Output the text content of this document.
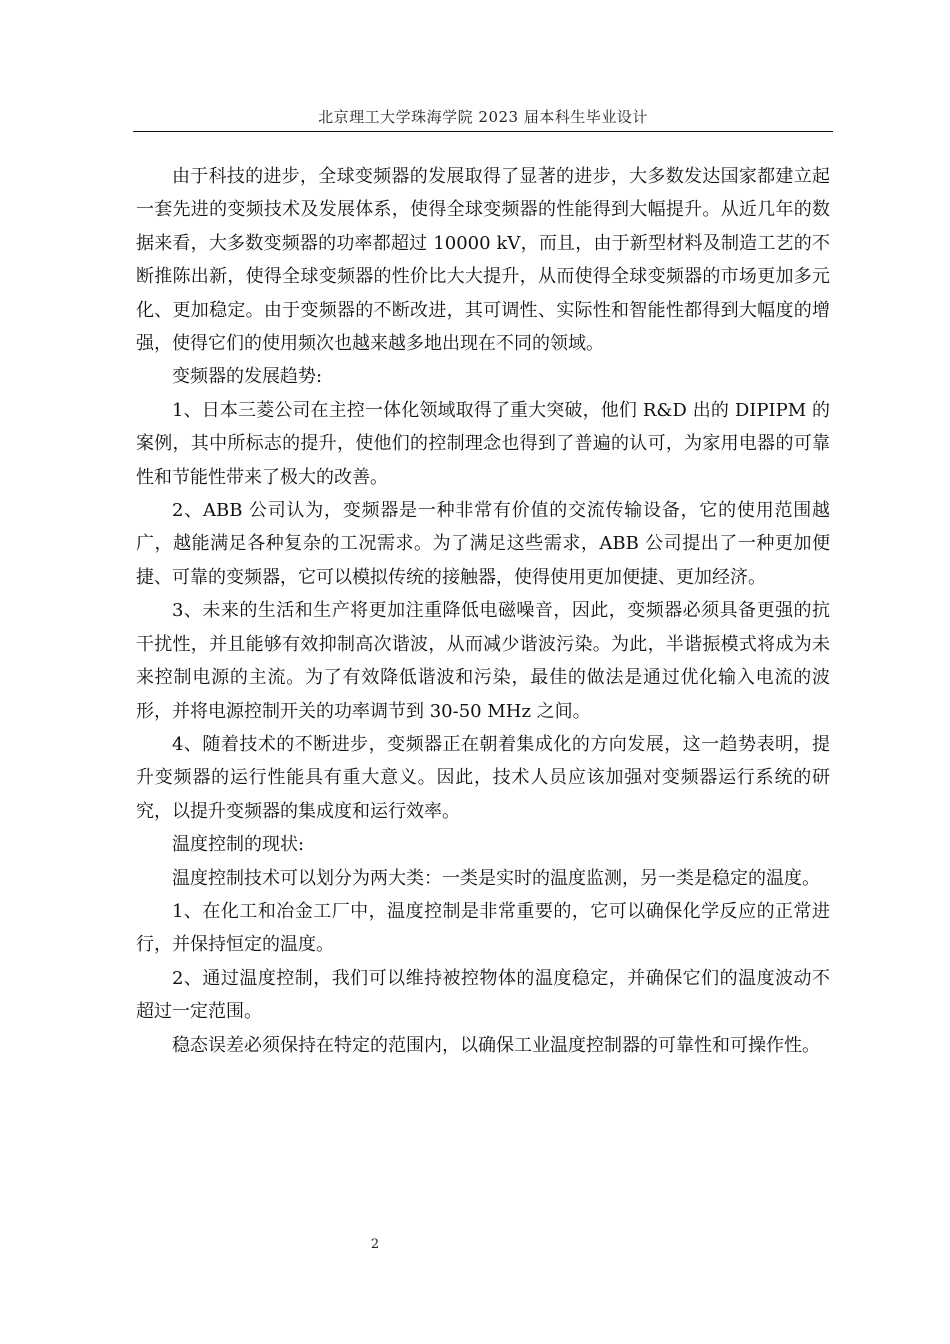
北京理工大学珠海学院 2023 届本科生毕业设计

由于科技的进步，全球变频器的发展取得了显著的进步，大多数发达国家都建立起一套先进的变频技术及发展体系，使得全球变频器的性能得到大幅提升。从近几年的数据来看，大多数变频器的功率都超过 10000 kV，而且，由于新型材料及制造工艺的不断推陈出新，使得全球变频器的性价比大大提升，从而使得全球变频器的市场更加多元化、更加稳定。由于变频器的不断改进，其可调性、实际性和智能性都得到大幅度的增强，使得它们的使用频次也越来越多地出现在不同的领域。

变频器的发展趋势:

1、日本三菱公司在主控一体化领域取得了重大突破，他们 R&D 出的 DIPIPM 的案例，其中所标志的提升，使他们的控制理念也得到了普遍的认可，为家用电器的可靠性和节能性带来了极大的改善。

2、ABB 公司认为，变频器是一种非常有价值的交流传输设备，它的使用范围越广，越能满足各种复杂的工况需求。为了满足这些需求，ABB 公司提出了一种更加便捷、可靠的变频器，它可以模拟传统的接触器，使得使用更加便捷、更加经济。

3、未来的生活和生产将更加注重降低电磁噪音，因此，变频器必须具备更强的抗干扰性，并且能够有效抑制高次谐波，从而减少谐波污染。为此，半谐振模式将成为未来控制电源的主流。为了有效降低谐波和污染，最佳的做法是通过优化输入电流的波形，并将电源控制开关的功率调节到 30-50 MHz 之间。

4、随着技术的不断进步，变频器正在朝着集成化的方向发展，这一趋势表明，提升变频器的运行性能具有重大意义。因此，技术人员应该加强对变频器运行系统的研究，以提升变频器的集成度和运行效率。

温度控制的现状:

温度控制技术可以划分为两大类：一类是实时的温度监测，另一类是稳定的温度。

1、在化工和冶金工厂中，温度控制是非常重要的，它可以确保化学反应的正常进行，并保持恒定的温度。

2、通过温度控制，我们可以维持被控物体的温度稳定，并确保它们的温度波动不超过一定范围。

稳态误差必须保持在特定的范围内，以确保工业温度控制器的可靠性和可操作性。

2
